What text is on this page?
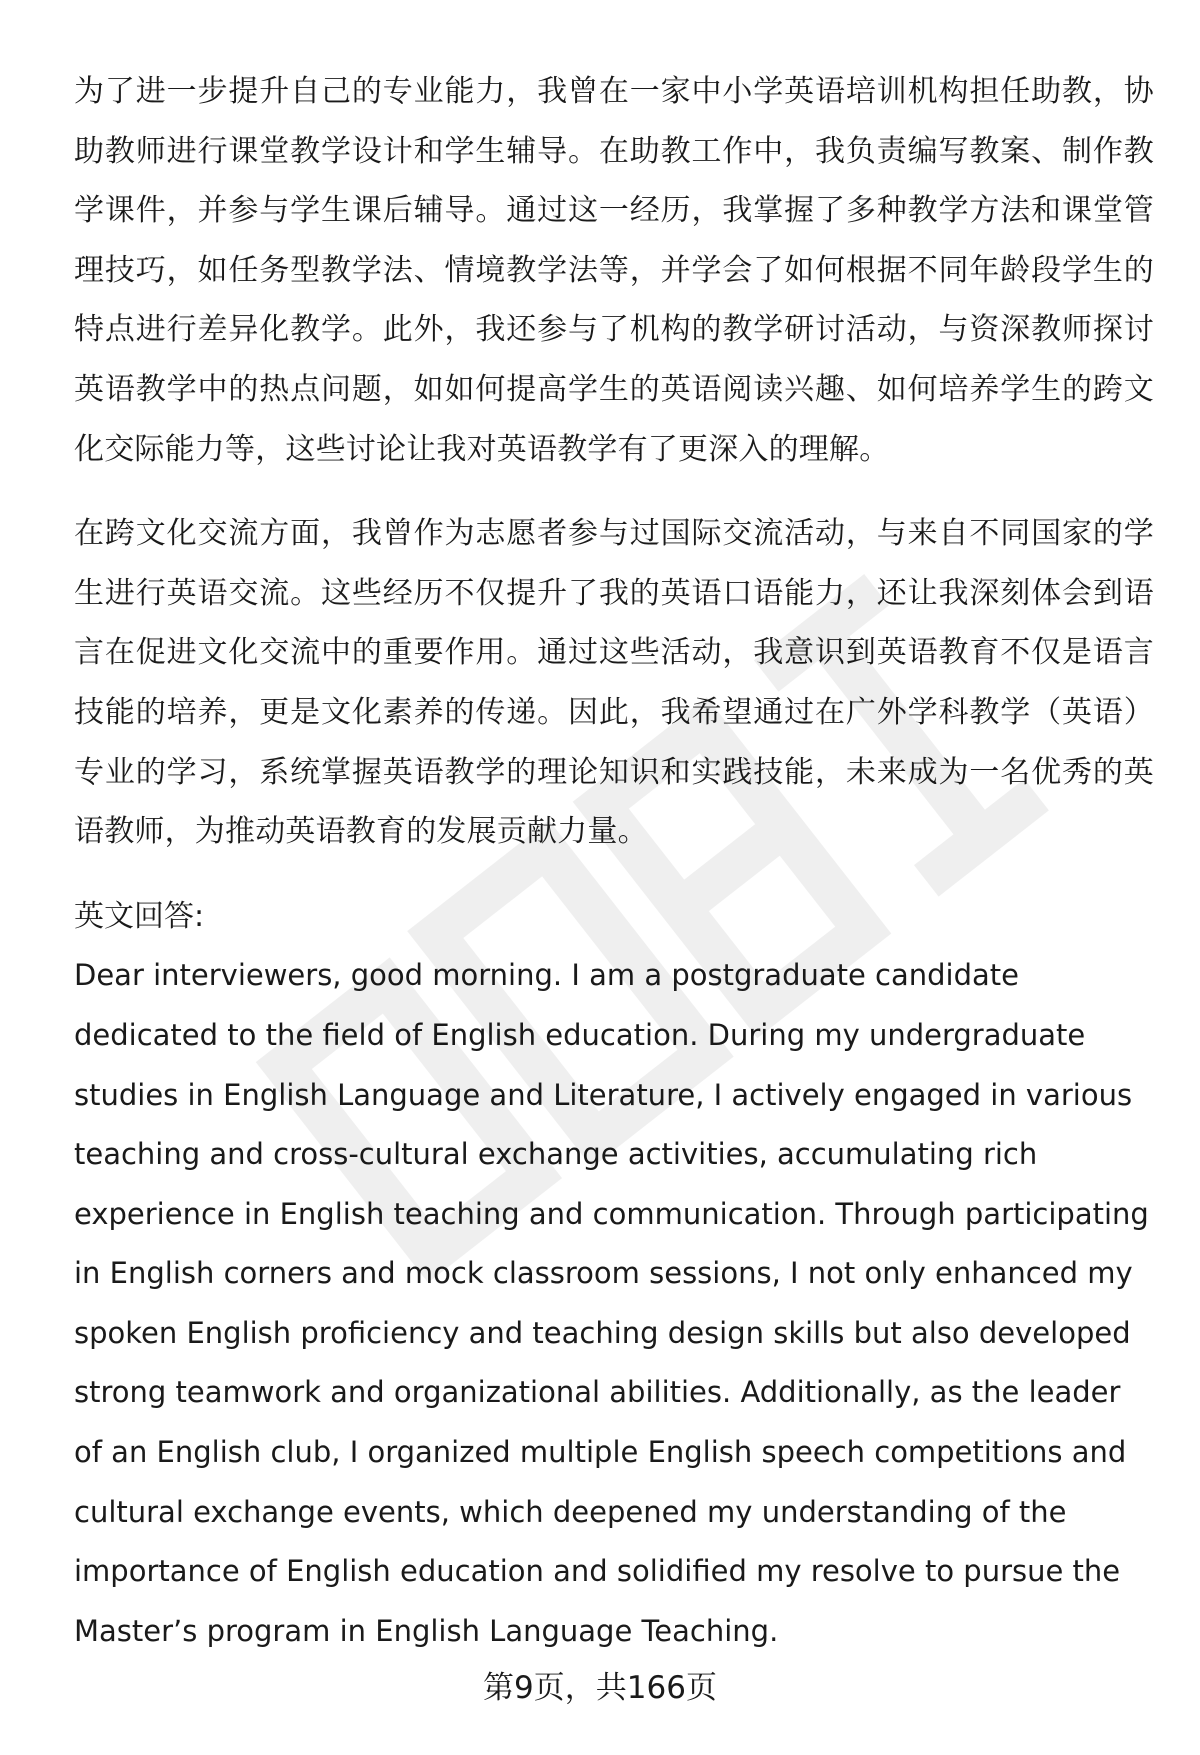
为了进一步提升自己的专业能力，我曾在一家中小学英语培训机构担任助教，协助教师进行课堂教学设计和学生辅导。在助教工作中，我负责编写教案、制作教学课件，并参与学生课后辅导。通过这一经历，我掌握了多种教学方法和课堂管理技巧，如任务型教学法、情境教学法等，并学会了如何根据不同年龄段学生的特点进行差异化教学。此外，我还参与了机构的教学研讨活动，与资深教师探讨英语教学中的热点问题，如如何提高学生的英语阅读兴趣、如何培养学生的跨文化交际能力等，这些讨论让我对英语教学有了更深入的理解。

在跨文化交流方面，我曾作为志愿者参与过国际交流活动，与来自不同国家的学生进行英语交流。这些经历不仅提升了我的英语口语能力，还让我深刻体会到语言在促进文化交流中的重要作用。通过这些活动，我意识到英语教育不仅是语言技能的培养，更是文化素养的传递。因此，我希望通过在广外学科教学（英语）专业的学习，系统掌握英语教学的理论知识和实践技能，未来成为一名优秀的英语教师，为推动英语教育的发展贡献力量。

英文回答:

Dear interviewers, good morning. I am a postgraduate candidate dedicated to the field of English education. During my undergraduate studies in English Language and Literature, I actively engaged in various teaching and cross-cultural exchange activities, accumulating rich experience in English teaching and communication. Through participating in English corners and mock classroom sessions, I not only enhanced my spoken English proficiency and teaching design skills but also developed strong teamwork and organizational abilities. Additionally, as the leader of an English club, I organized multiple English speech competitions and cultural exchange events, which deepened my understanding of the importance of English education and solidified my resolve to pursue the Master’s program in English Language Teaching.

第9页，共166页
